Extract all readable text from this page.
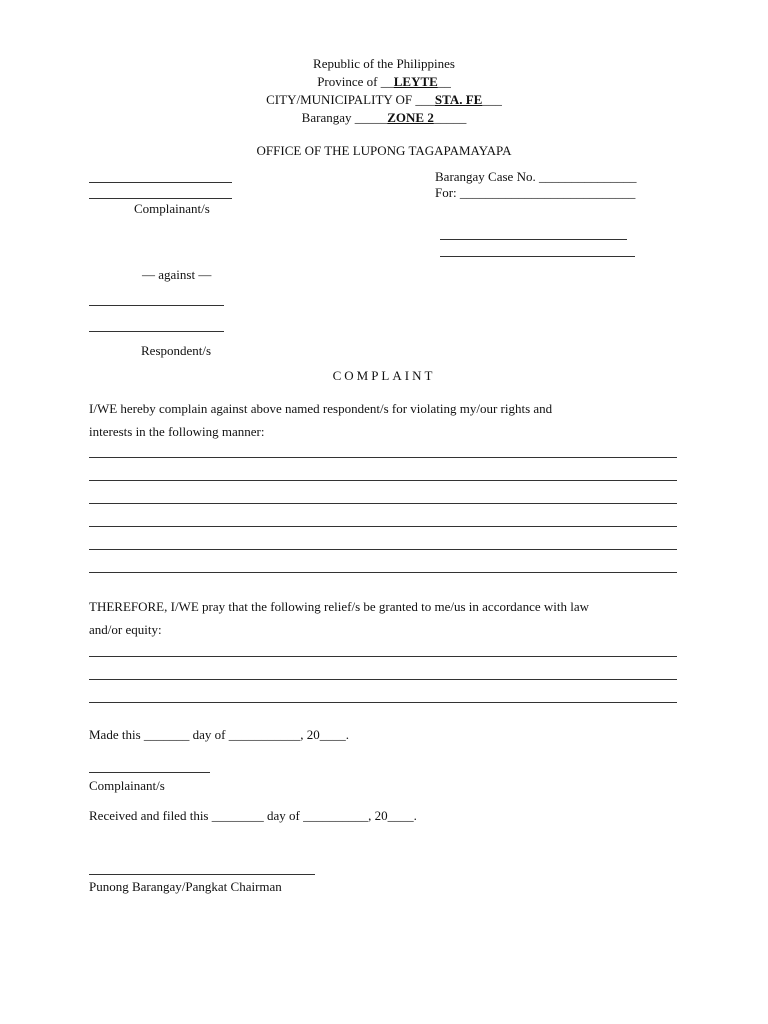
Republic of the Philippines
Province of __LEYTE__
CITY/MUNICIPALITY OF ___STA. FE___
Barangay _____ZONE 2_____
OFFICE OF THE LUPONG TAGAPAMAYAPA
Complainant/s
Barangay Case No. _______________
For: ___________________________
— against —
Respondent/s
COMPLAINT
I/WE hereby complain against above named respondent/s for violating my/our rights and
interests in the following manner:
THEREFORE, I/WE pray that the following relief/s be granted to me/us in accordance with law
and/or equity:
Made this _______ day of ___________, 20____.
Complainant/s
Received and filed this ________ day of __________, 20____.
Punong Barangay/Pangkat Chairman
